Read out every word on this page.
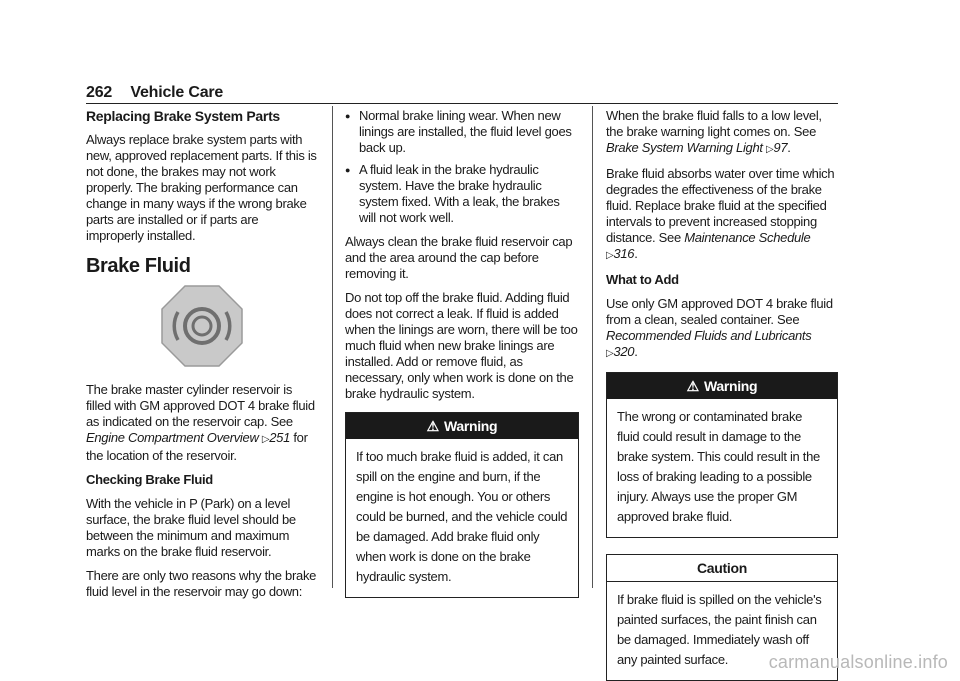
262 Vehicle Care
Replacing Brake System Parts

Always replace brake system parts with new, approved replacement parts. If this is not done, the brakes may not work properly. The braking performance can change in many ways if the wrong brake parts are installed or if parts are improperly installed.

Brake Fluid

The brake master cylinder reservoir is filled with GM approved DOT 4 brake fluid as indicated on the reservoir cap. See Engine Compartment Overview ▷251 for the location of the reservoir.

Checking Brake Fluid

With the vehicle in P (Park) on a level surface, the brake fluid level should be between the minimum and maximum marks on the brake fluid reservoir.

There are only two reasons why the brake fluid level in the reservoir may go down:

● Normal brake lining wear. When new linings are installed, the fluid level goes back up.
● A fluid leak in the brake hydraulic system. Have the brake hydraulic system fixed. With a leak, the brakes will not work well.

Always clean the brake fluid reservoir cap and the area around the cap before removing it.

Do not top off the brake fluid. Adding fluid does not correct a leak. If fluid is added when the linings are worn, there will be too much fluid when new brake linings are installed. Add or remove fluid, as necessary, only when work is done on the brake hydraulic system.

⚠ Warning
If too much brake fluid is added, it can spill on the engine and burn, if the engine is hot enough. You or others could be burned, and the vehicle could be damaged. Add brake fluid only when work is done on the brake hydraulic system.

When the brake fluid falls to a low level, the brake warning light comes on. See Brake System Warning Light ▷97.

Brake fluid absorbs water over time which degrades the effectiveness of the brake fluid. Replace brake fluid at the specified intervals to prevent increased stopping distance. See Maintenance Schedule ▷316.

What to Add

Use only GM approved DOT 4 brake fluid from a clean, sealed container. See Recommended Fluids and Lubricants ▷320.

⚠ Warning
The wrong or contaminated brake fluid could result in damage to the brake system. This could result in the loss of braking leading to a possible injury. Always use the proper GM approved brake fluid.
Caution
If brake fluid is spilled on the vehicle's painted surfaces, the paint finish can be damaged. Immediately wash off any painted surface.	carmanualsonline.info
